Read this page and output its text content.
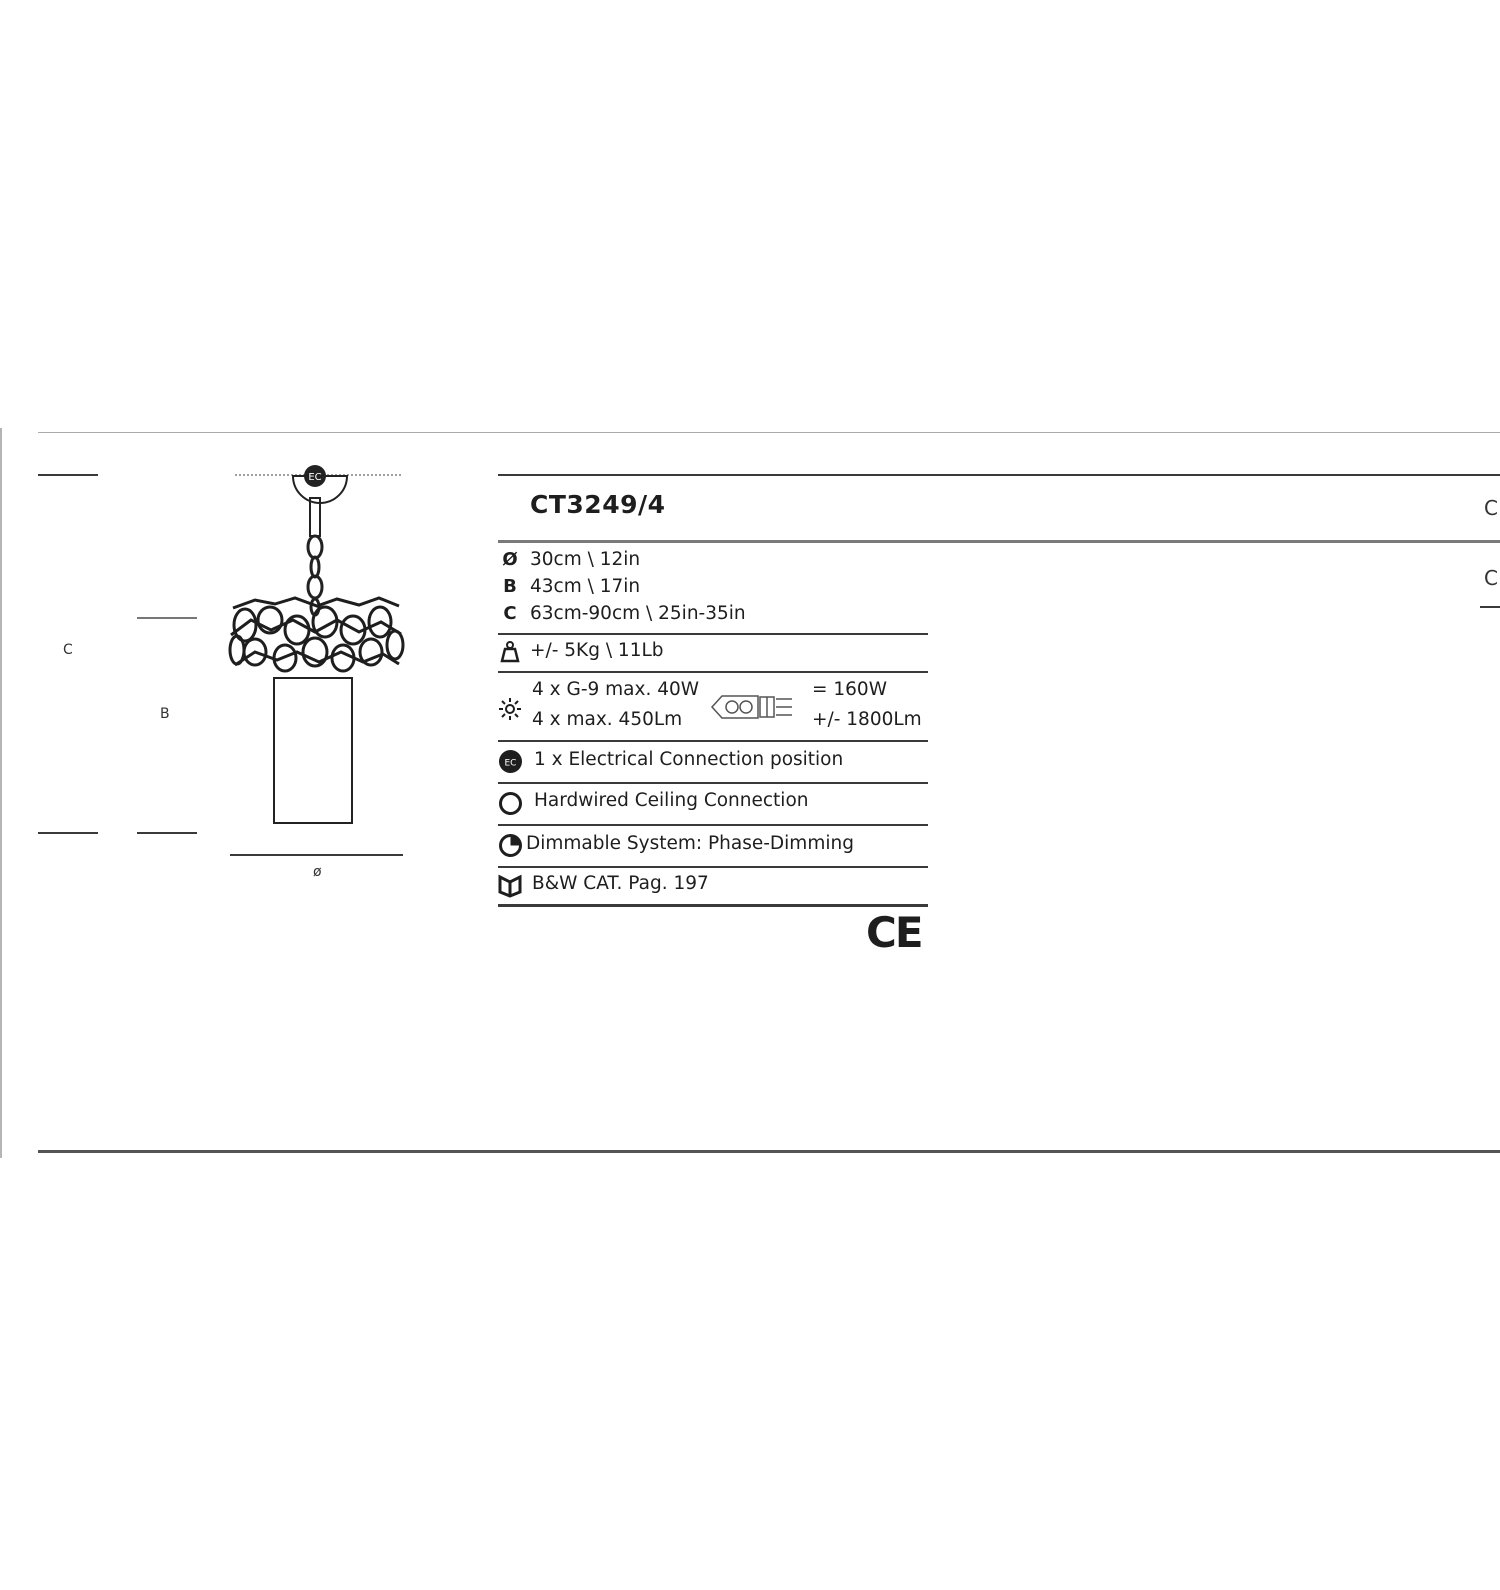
C
B
ø
EC
CT3249/4
Ø 30cm \ 12in
B 43cm \ 17in
C 63cm-90cm \ 25in-35in
+/- 5Kg \ 11Lb
4 x G-9 max. 40W
4 x max. 450Lm
= 160W
+/- 1800Lm
EC 1 x Electrical Connection position
Hardwired Ceiling Connection
Dimmable System: Phase-Dimming
B&W CAT. Pag. 197
CE
C
C
